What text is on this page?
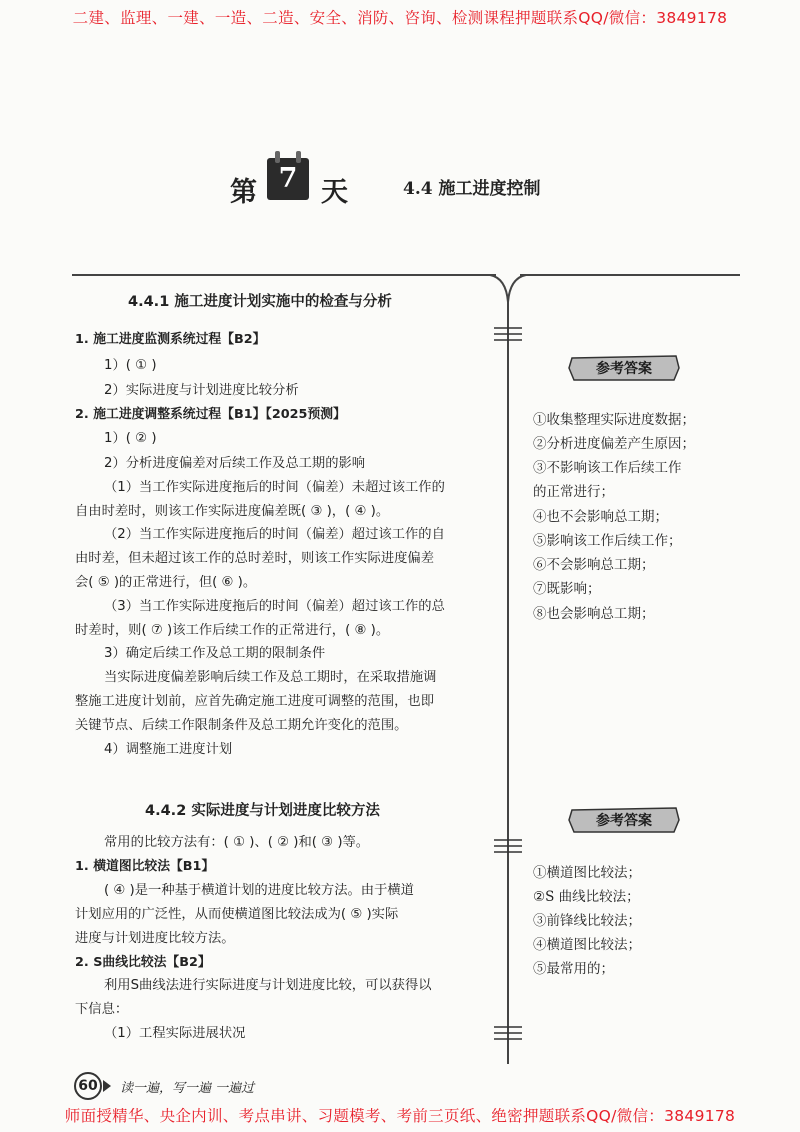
二建、监理、一建、一造、二造、安全、消防、咨询、检测课程押题联系QQ/微信：3849178
第 7 天	4.4 施工进度控制
4.4.1 施工进度计划实施中的检查与分析
1. 施工进度监测系统过程【B2】
1）( ① )
2）实际进度与计划进度比较分析
2. 施工进度调整系统过程【B1】【2025预测】
1）( ② )
2）分析进度偏差对后续工作及总工期的影响
（1）当工作实际进度拖后的时间（偏差）未超过该工作的
自由时差时，则该工作实际进度偏差既( ③ )，( ④ )。
（2）当工作实际进度拖后的时间（偏差）超过该工作的自
由时差，但未超过该工作的总时差时，则该工作实际进度偏差
会( ⑤ )的正常进行，但( ⑥ )。
（3）当工作实际进度拖后的时间（偏差）超过该工作的总
时差时，则( ⑦ )该工作后续工作的正常进行，( ⑧ )。
3）确定后续工作及总工期的限制条件
当实际进度偏差影响后续工作及总工期时，在采取措施调
整施工进度计划前，应首先确定施工进度可调整的范围，也即
关键节点、后续工作限制条件及总工期允许变化的范围。
4）调整施工进度计划
4.4.2 实际进度与计划进度比较方法
常用的比较方法有：( ① )、( ② )和( ③ )等。
1. 横道图比较法【B1】
( ④ )是一种基于横道计划的进度比较方法。由于横道
计划应用的广泛性，从而使横道图比较法成为( ⑤ )实际
进度与计划进度比较方法。
2. S曲线比较法【B2】
利用S曲线法进行实际进度与计划进度比较，可以获得以
下信息：
（1）工程实际进展状况
参考答案
①收集整理实际进度数据；
②分析进度偏差产生原因；
③不影响该工作后续工作
的正常进行；
④也不会影响总工期；
⑤影响该工作后续工作；
⑥不会影响总工期；
⑦既影响；
⑧也会影响总工期；
参考答案
①横道图比较法；
②S 曲线比较法；
③前锋线比较法；
④横道图比较法；
⑤最常用的；
60	读一遍，写一遍 一遍过
师面授精华、央企内训、考点串讲、习题模考、考前三页纸、绝密押题联系QQ/微信：3849178
